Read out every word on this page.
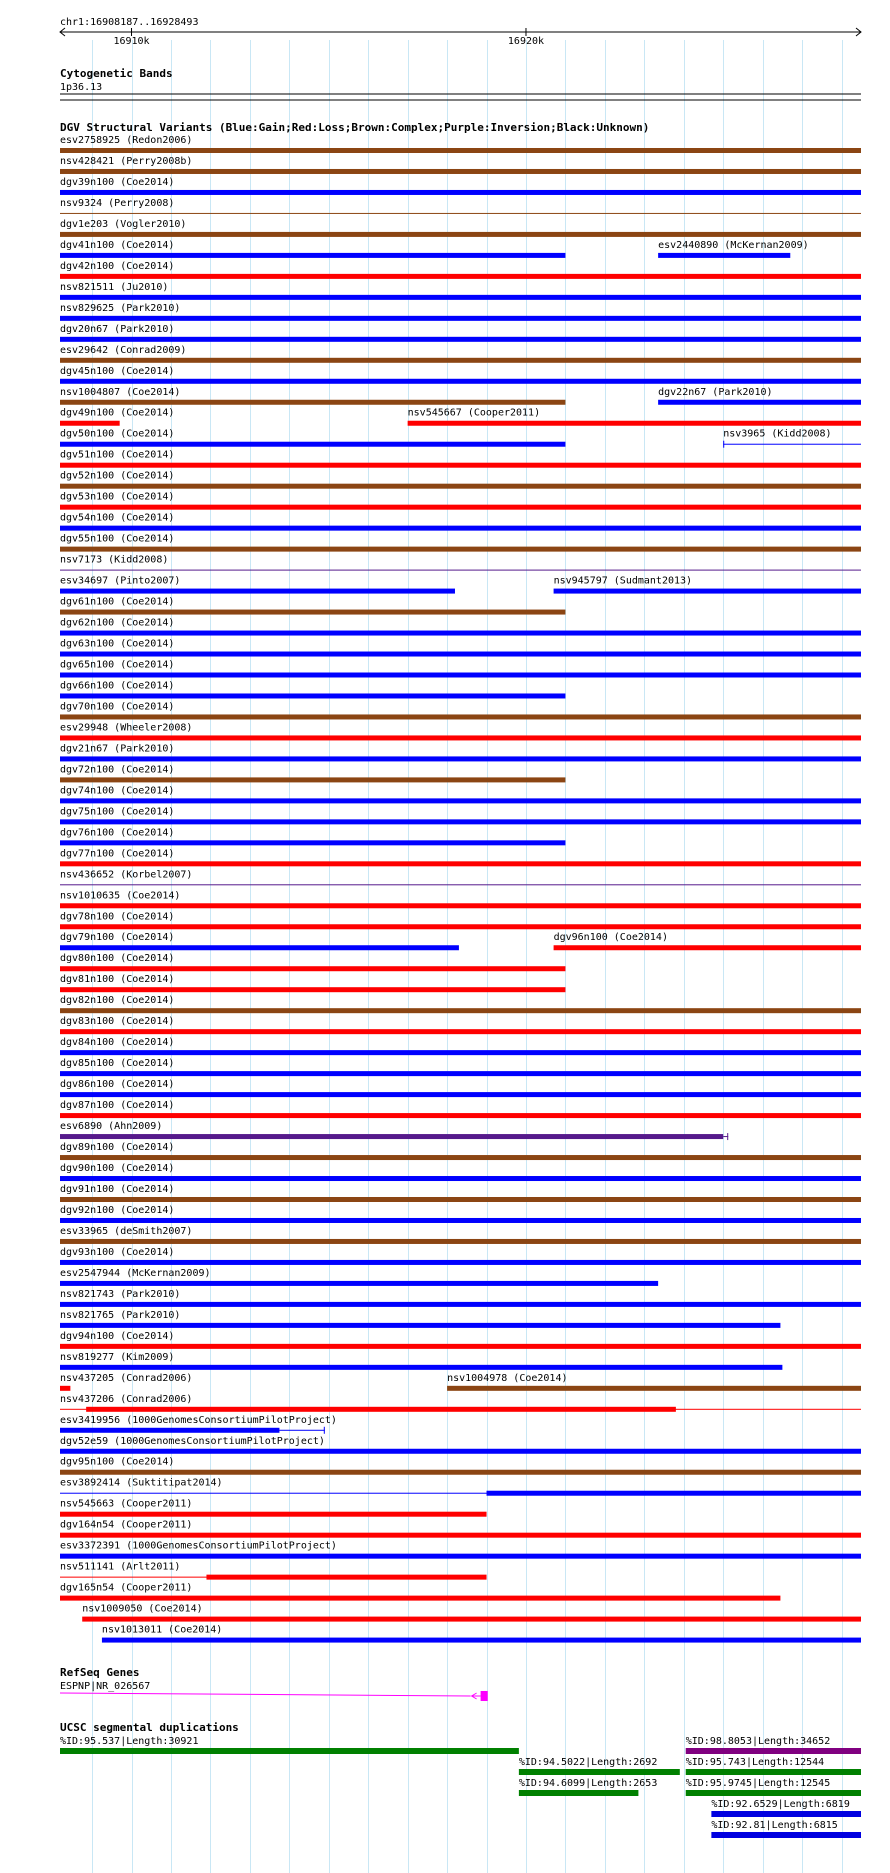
chr1:16908187..16928493
16910k	16920k
Cytogenetic Bands
1p36.13
DGV Structural Variants (Blue:Gain;Red:Loss;Brown:Complex;Purple:Inversion;Black:Unknown)
esv2758925 (Redon2006)
nsv428421 (Perry2008b)
dgv39n100 (Coe2014)
nsv9324 (Perry2008)
dgv1e203 (Vogler2010)
dgv41n100 (Coe2014)	esv2440890 (McKernan2009)
dgv42n100 (Coe2014)
nsv821511 (Ju2010)
nsv829625 (Park2010)
dgv20n67 (Park2010)
esv29642 (Conrad2009)
dgv45n100 (Coe2014)
nsv1004807 (Coe2014)	dgv22n67 (Park2010)
dgv49n100 (Coe2014)	nsv545667 (Cooper2011)
dgv50n100 (Coe2014)	nsv3965 (Kidd2008)
dgv51n100 (Coe2014)
dgv52n100 (Coe2014)
dgv53n100 (Coe2014)
dgv54n100 (Coe2014)
dgv55n100 (Coe2014)
nsv7173 (Kidd2008)
esv34697 (Pinto2007)	nsv945797 (Sudmant2013)
dgv61n100 (Coe2014)
dgv62n100 (Coe2014)
dgv63n100 (Coe2014)
dgv65n100 (Coe2014)
dgv66n100 (Coe2014)
dgv70n100 (Coe2014)
esv29948 (Wheeler2008)
dgv21n67 (Park2010)
dgv72n100 (Coe2014)
dgv74n100 (Coe2014)
dgv75n100 (Coe2014)
dgv76n100 (Coe2014)
dgv77n100 (Coe2014)
nsv436652 (Korbel2007)
nsv1010635 (Coe2014)
dgv78n100 (Coe2014)
dgv79n100 (Coe2014)	dgv96n100 (Coe2014)
dgv80n100 (Coe2014)
dgv81n100 (Coe2014)
dgv82n100 (Coe2014)
dgv83n100 (Coe2014)
dgv84n100 (Coe2014)
dgv85n100 (Coe2014)
dgv86n100 (Coe2014)
dgv87n100 (Coe2014)
esv6890 (Ahn2009)
dgv89n100 (Coe2014)
dgv90n100 (Coe2014)
dgv91n100 (Coe2014)
dgv92n100 (Coe2014)
esv33965 (deSmith2007)
dgv93n100 (Coe2014)
esv2547944 (McKernan2009)
nsv821743 (Park2010)
nsv821765 (Park2010)
dgv94n100 (Coe2014)
nsv819277 (Kim2009)
nsv437205 (Conrad2006)	nsv1004978 (Coe2014)
nsv437206 (Conrad2006)
esv3419956 (1000GenomesConsortiumPilotProject)
dgv52e59 (1000GenomesConsortiumPilotProject)
dgv95n100 (Coe2014)
esv3892414 (Suktitipat2014)
nsv545663 (Cooper2011)
dgv164n54 (Cooper2011)
esv3372391 (1000GenomesConsortiumPilotProject)
nsv511141 (Arlt2011)
dgv165n54 (Cooper2011)
nsv1009050 (Coe2014)
nsv1013011 (Coe2014)
RefSeq Genes
ESPNP|NR_026567
UCSC segmental duplications
%ID:95.537|Length:30921	%ID:98.8053|Length:34652
%ID:94.5022|Length:2692	%ID:95.743|Length:12544
%ID:94.6099|Length:2653	%ID:95.9745|Length:12545
%ID:92.6529|Length:6819
%ID:92.81|Length:6815
